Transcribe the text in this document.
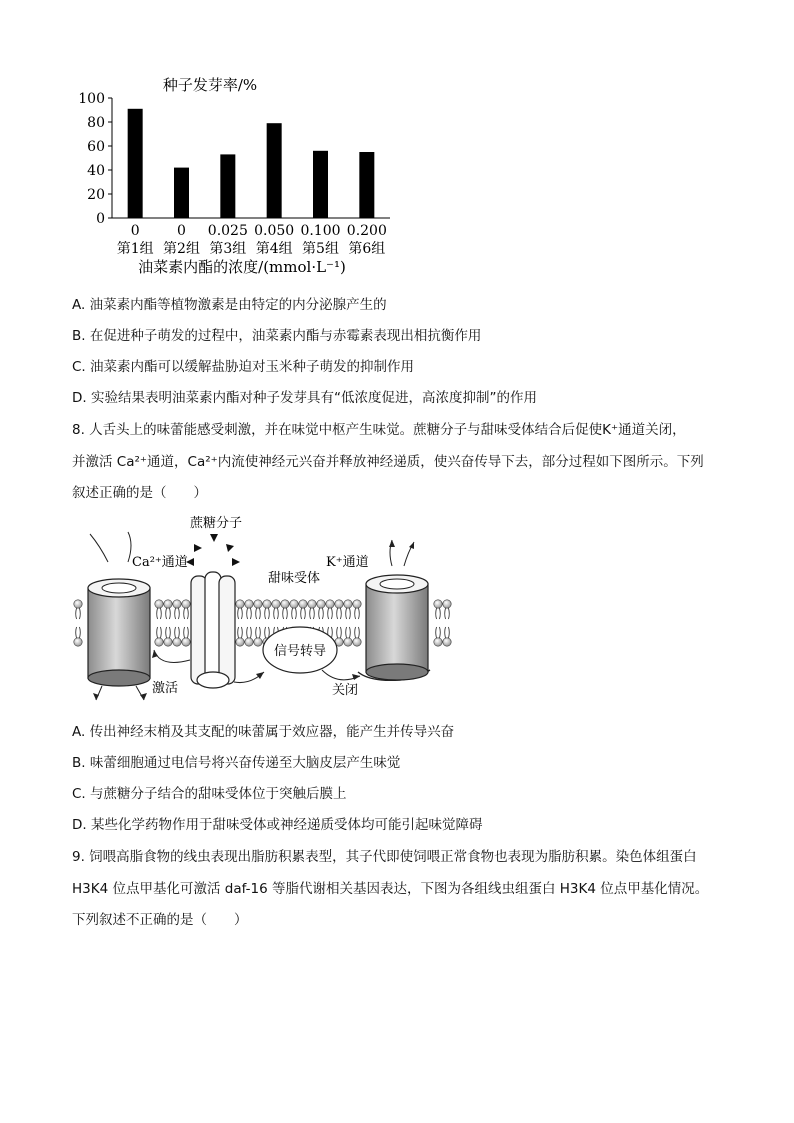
种子发芽率/%
0
20
40
60
80
100
0
第1组
0
第2组
0.025
第3组
0.050
第4组
0.100
第5组
0.200
第6组
油菜素内酯的浓度/(mmol·L⁻¹)
A. 油菜素内酯等植物激素是由特定的内分泌腺产生的
B. 在促进种子萌发的过程中，油菜素内酯与赤霉素表现出相抗衡作用
C. 油菜素内酯可以缓解盐胁迫对玉米种子萌发的抑制作用
D. 实验结果表明油菜素内酯对种子发芽具有“低浓度促进，高浓度抑制”的作用
8. 人舌头上的味蕾能感受刺激，并在味觉中枢产生味觉。蔗糖分子与甜味受体结合后促使K⁺通道关闭，
并激活 Ca²⁺通道，Ca²⁺内流使神经元兴奋并释放神经递质，使兴奋传导下去，部分过程如下图所示。下列
叙述正确的是（　　）
蔗糖分子
Ca²⁺通道
甜味受体
K⁺通道
信号转导
激活	关闭
A. 传出神经末梢及其支配的味蕾属于效应器，能产生并传导兴奋
B. 味蕾细胞通过电信号将兴奋传递至大脑皮层产生味觉
C. 与蔗糖分子结合的甜味受体位于突触后膜上
D. 某些化学药物作用于甜味受体或神经递质受体均可能引起味觉障碍
9. 饲喂高脂食物的线虫表现出脂肪积累表型，其子代即使饲喂正常食物也表现为脂肪积累。染色体组蛋白
H3K4 位点甲基化可激活 daf-16 等脂代谢相关基因表达，下图为各组线虫组蛋白 H3K4 位点甲基化情况。
下列叙述不正确的是（　　）
